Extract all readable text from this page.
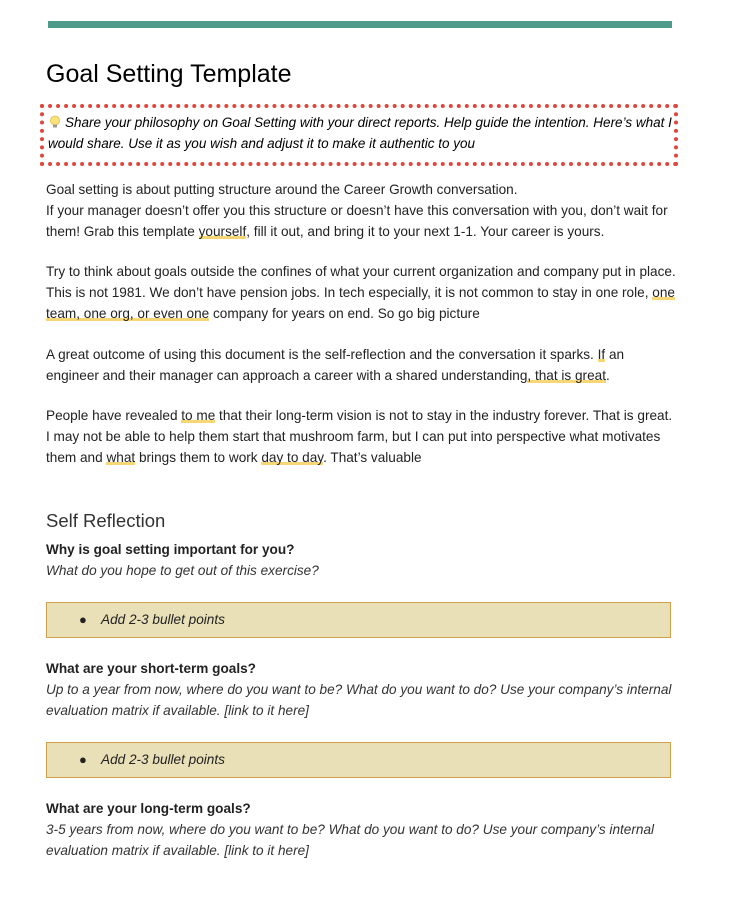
Goal Setting Template
Share your philosophy on Goal Setting with your direct reports. Help guide the intention. Here’s what I would share. Use it as you wish and adjust it to make it authentic to you
Goal setting is about putting structure around the Career Growth conversation.
If your manager doesn’t offer you this structure or doesn’t have this conversation with you, don’t wait for them! Grab this template yourself, fill it out, and bring it to your next 1-1. Your career is yours.
Try to think about goals outside the confines of what your current organization and company put in place. This is not 1981. We don’t have pension jobs. In tech especially, it is not common to stay in one role, one team, one org, or even one company for years on end. So go big picture
A great outcome of using this document is the self-reflection and the conversation it sparks. If an engineer and their manager can approach a career with a shared understanding, that is great.
People have revealed to me that their long-term vision is not to stay in the industry forever. That is great. I may not be able to help them start that mushroom farm, but I can put into perspective what motivates them and what brings them to work day to day. That’s valuable
Self Reflection
Why is goal setting important for you?
What do you hope to get out of this exercise?
● Add 2-3 bullet points
What are your short-term goals?
Up to a year from now, where do you want to be? What do you want to do? Use your company’s internal evaluation matrix if available. [link to it here]
● Add 2-3 bullet points
What are your long-term goals?
3-5 years from now, where do you want to be? What do you want to do? Use your company’s internal evaluation matrix if available. [link to it here]
